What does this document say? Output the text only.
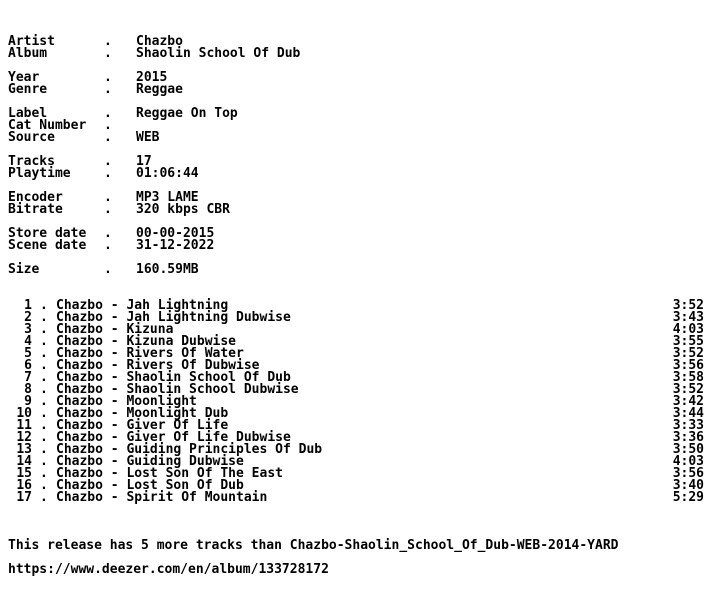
Artist	. Chazbo
Album	. Shaolin School Of Dub
Year	. 2015
Genre	. Reggae
Label	. Reggae On Top
Cat Number .
Source	. WEB
Tracks	. 17
Playtime	. 01:06:44
Encoder	. MP3 LAME
Bitrate	. 320 kbps CBR
Store date . 00-00-2015
Scene date . 31-12-2022
Size	. 160.59MB
1 . Chazbo - Jah Lightning	3:52
2 . Chazbo - Jah Lightning Dubwise	3:43
3 . Chazbo - Kizuna	4:03
4 . Chazbo - Kizuna Dubwise	3:55
5 . Chazbo - Rivers Of Water	3:52
6 . Chazbo - Rivers Of Dubwise	3:56
7 . Chazbo - Shaolin School Of Dub	3:58
8 . Chazbo - Shaolin School Dubwise	3:52
9 . Chazbo - Moonlight	3:42
10 . Chazbo - Moonlight Dub	3:44
11 . Chazbo - Giver Of Life	3:33
12 . Chazbo - Giver Of Life Dubwise	3:36
13 . Chazbo - Guiding Principles Of Dub	3:50
14 . Chazbo - Guiding Dubwise	4:03
15 . Chazbo - Lost Son Of The East	3:56
16 . Chazbo - Lost Son Of Dub	3:40
17 . Chazbo - Spirit Of Mountain	5:29

This release has 5 more tracks than Chazbo-Shaolin_School_Of_Dub-WEB-2014-YARD

https://www.deezer.com/en/album/133728172
